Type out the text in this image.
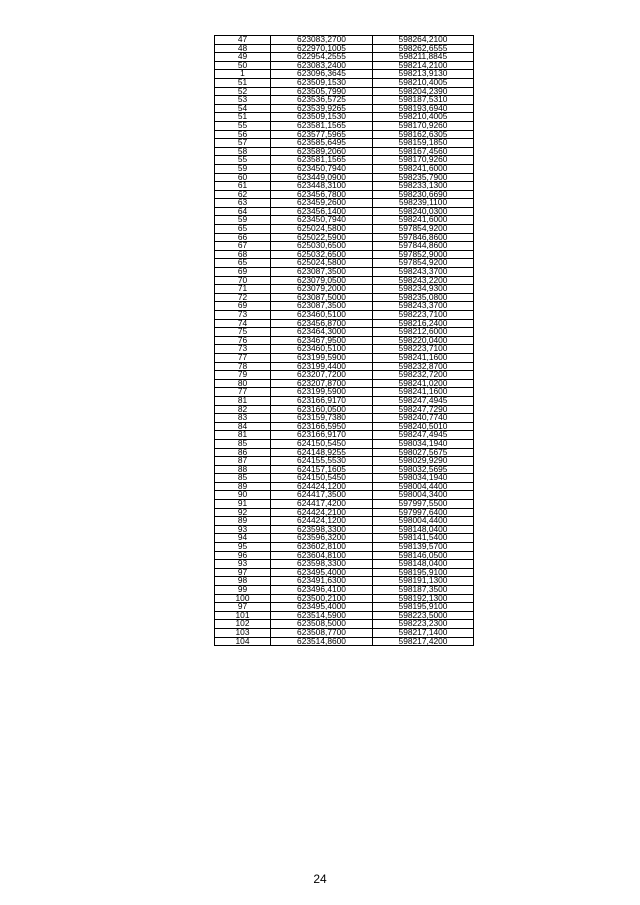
47	623083,2700	598264,2100
48	622970,1005	598262,6555
49	622954,2555	598211,8845
50	623083,2400	598214,2100
1	623096,3645	598213,9130
51	623509,1530	598210,4005
52	623505,7990	598204,2390
53	623536,5725	598187,5310
54	623539,9265	598193,6940
51	623509,1530	598210,4005
55	623581,1565	598170,9260
56	623577,5965	598162,6305
57	623585,6495	598159,1850
58	623589,2060	598167,4560
55	623581,1565	598170,9260
59	623450,7940	598241,6000
60	623449,0900	598235,7900
61	623448,3100	598233,1300
62	623456,7800	598230,6690
63	623459,2600	598239,1100
64	623456,1400	598240,0300
59	623450,7940	598241,6000
65	625024,5800	597854,9200
66	625022,5900	597846,8600
67	625030,6500	597844,8600
68	625032,6500	597852,9000
65	625024,5800	597854,9200
69	623087,3500	598243,3700
70	623079,0500	598243,2200
71	623079,2000	598234,9300
72	623087,5000	598235,0800
69	623087,3500	598243,3700
73	623460,5100	598223,7100
74	623456,8700	598216,2400
75	623464,3000	598212,6000
76	623467,9500	598220,0400
73	623460,5100	598223,7100
77	623199,5900	598241,1600
78	623199,4400	598232,8700
79	623207,7200	598232,7200
80	623207,8700	598241,0200
77	623199,5900	598241,1600
81	623166,9170	598247,4945
82	623160,0500	598247,7290
83	623159,7380	598240,7740
84	623166,5950	598240,5010
81	623166,9170	598247,4945
85	624150,5450	598034,1940
86	624148,9255	598027,5675
87	624155,5530	598029,9290
88	624157,1605	598032,5695
85	624150,5450	598034,1940
89	624424,1200	598004,4400
90	624417,3500	598004,3400
91	624417,4200	597997,5500
92	624424,2100	597997,6400
89	624424,1200	598004,4400
93	623598,3300	598148,0400
94	623596,3200	598141,5400
95	623602,8100	598139,5700
96	623604,8100	598146,0500
93	623598,3300	598148,0400
97	623495,4000	598195,9100
98	623491,6300	598191,1300
99	623496,4100	598187,3500
100	623500,2100	598192,1300
97	623495,4000	598195,9100
101	623514,5900	598223,5000
102	623508,5000	598223,2300
103	623508,7700	598217,1400
104	623514,8600	598217,4200
24
